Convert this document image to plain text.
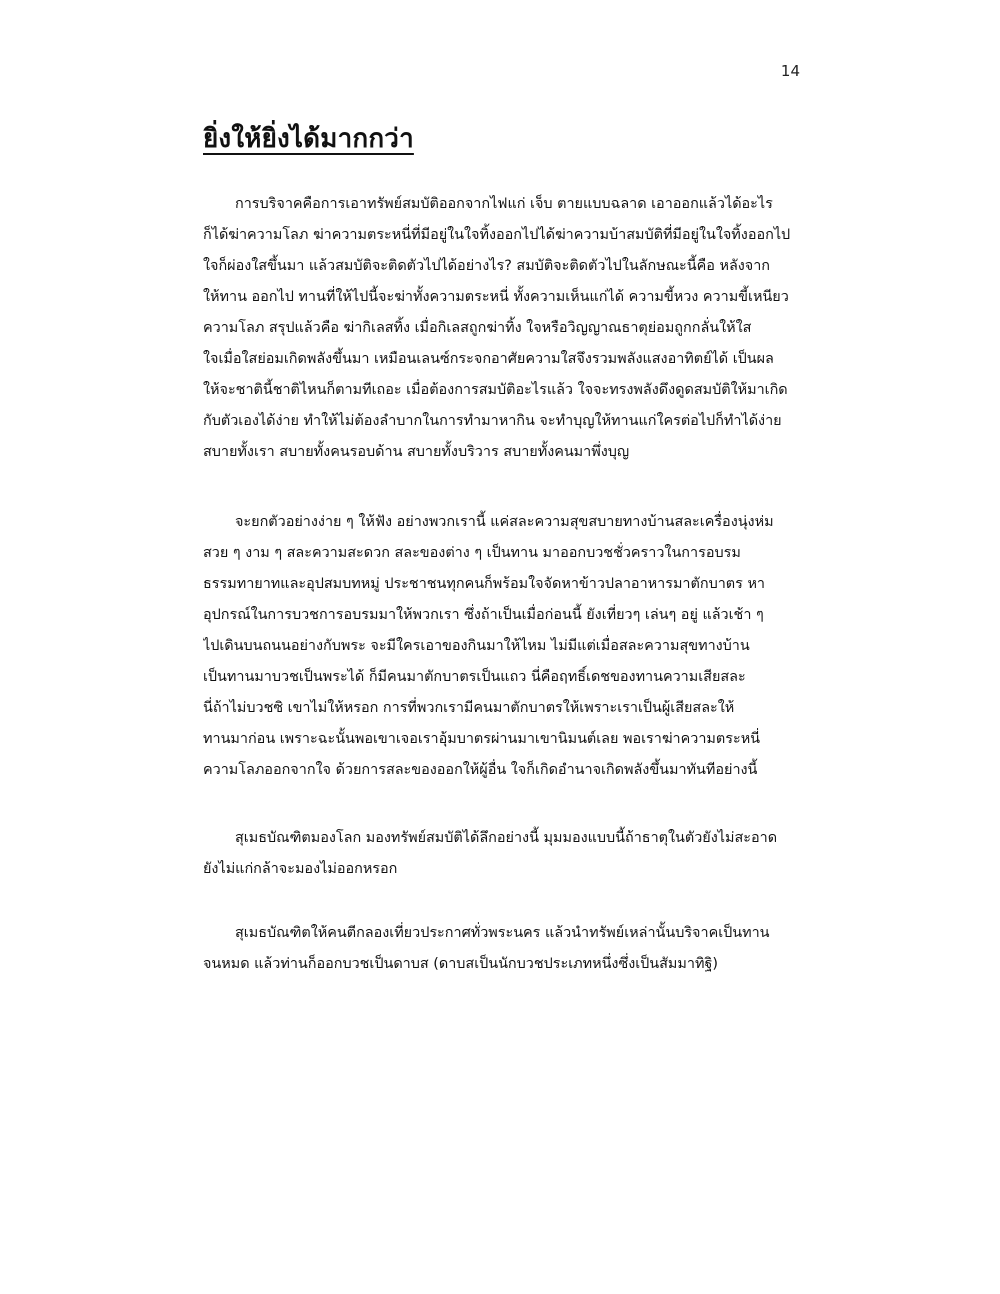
14
ยิ่งให้ยิ่งได้มากกว่า
การบริจาคคือการเอาทรัพย์สมบัติออกจากไฟแก่ เจ็บ ตายแบบฉลาด เอาออกแล้วได้อะไร
ก็ได้ฆ่าความโลภ ฆ่าความตระหนี่ที่มีอยู่ในใจทิ้งออกไปได้ฆ่าความบ้าสมบัติที่มีอยู่ในใจทิ้งออกไป
ใจก็ผ่องใสขึ้นมา แล้วสมบัติจะติดตัวไปได้อย่างไร? สมบัติจะติดตัวไปในลักษณะนี้คือ หลังจาก
ให้ทาน ออกไป ทานที่ให้ไปนี้จะฆ่าทั้งความตระหนี่ ทั้งความเห็นแก่ได้ ความขี้หวง ความขี้เหนียว
ความโลภ สรุปแล้วคือ ฆ่ากิเลสทิ้ง เมื่อกิเลสถูกฆ่าทิ้ง ใจหรือวิญญาณธาตุย่อมถูกกลั่นให้ใส
ใจเมื่อใสย่อมเกิดพลังขึ้นมา เหมือนเลนซ์กระจกอาศัยความใสจึงรวมพลังแสงอาทิตย์ได้ เป็นผล
ให้จะชาตินี้ชาติไหนก็ตามทีเถอะ เมื่อต้องการสมบัติอะไรแล้ว ใจจะทรงพลังดึงดูดสมบัติให้มาเกิด
กับตัวเองได้ง่าย ทำให้ไม่ต้องลำบากในการทำมาหากิน จะทำบุญให้ทานแก่ใครต่อไปก็ทำได้ง่าย
สบายทั้งเรา สบายทั้งคนรอบด้าน สบายทั้งบริวาร สบายทั้งคนมาพึ่งบุญ
จะยกตัวอย่างง่าย ๆ ให้ฟัง อย่างพวกเรานี้ แค่สละความสุขสบายทางบ้านสละเครื่องนุ่งห่ม
สวย ๆ งาม ๆ สละความสะดวก สละของต่าง ๆ เป็นทาน มาออกบวชชั่วคราวในการอบรม
ธรรมทายาทและอุปสมบทหมู่ ประชาชนทุกคนก็พร้อมใจจัดหาข้าวปลาอาหารมาตักบาตร หา
อุปกรณ์ในการบวชการอบรมมาให้พวกเรา ซึ่งถ้าเป็นเมื่อก่อนนี้ ยังเที่ยวๆ เล่นๆ อยู่ แล้วเช้า ๆ
ไปเดินบนถนนอย่างกับพระ จะมีใครเอาของกินมาให้ไหม ไม่มีแต่เมื่อสละความสุขทางบ้าน
เป็นทานมาบวชเป็นพระได้ ก็มีคนมาตักบาตรเป็นแถว นี่คือฤทธิ์เดชของทานความเสียสละ
นี่ถ้าไม่บวชซิ เขาไม่ให้หรอก การที่พวกเรามีคนมาตักบาตรให้เพราะเราเป็นผู้เสียสละให้
ทานมาก่อน เพราะฉะนั้นพอเขาเจอเราอุ้มบาตรผ่านมาเขานิมนต์เลย พอเราฆ่าความตระหนี่
ความโลภออกจากใจ ด้วยการสละของออกให้ผู้อื่น ใจก็เกิดอำนาจเกิดพลังขึ้นมาทันทีอย่างนี้
สุเมธบัณฑิตมองโลก มองทรัพย์สมบัติได้ลึกอย่างนี้ มุมมองแบบนี้ถ้าธาตุในตัวยังไม่สะอาด
ยังไม่แก่กล้าจะมองไม่ออกหรอก
สุเมธบัณฑิตให้คนตีกลองเที่ยวประกาศทั่วพระนคร แล้วนำทรัพย์เหล่านั้นบริจาคเป็นทาน
จนหมด แล้วท่านก็ออกบวชเป็นดาบส (ดาบสเป็นนักบวชประเภทหนึ่งซึ่งเป็นสัมมาทิฐิ)
